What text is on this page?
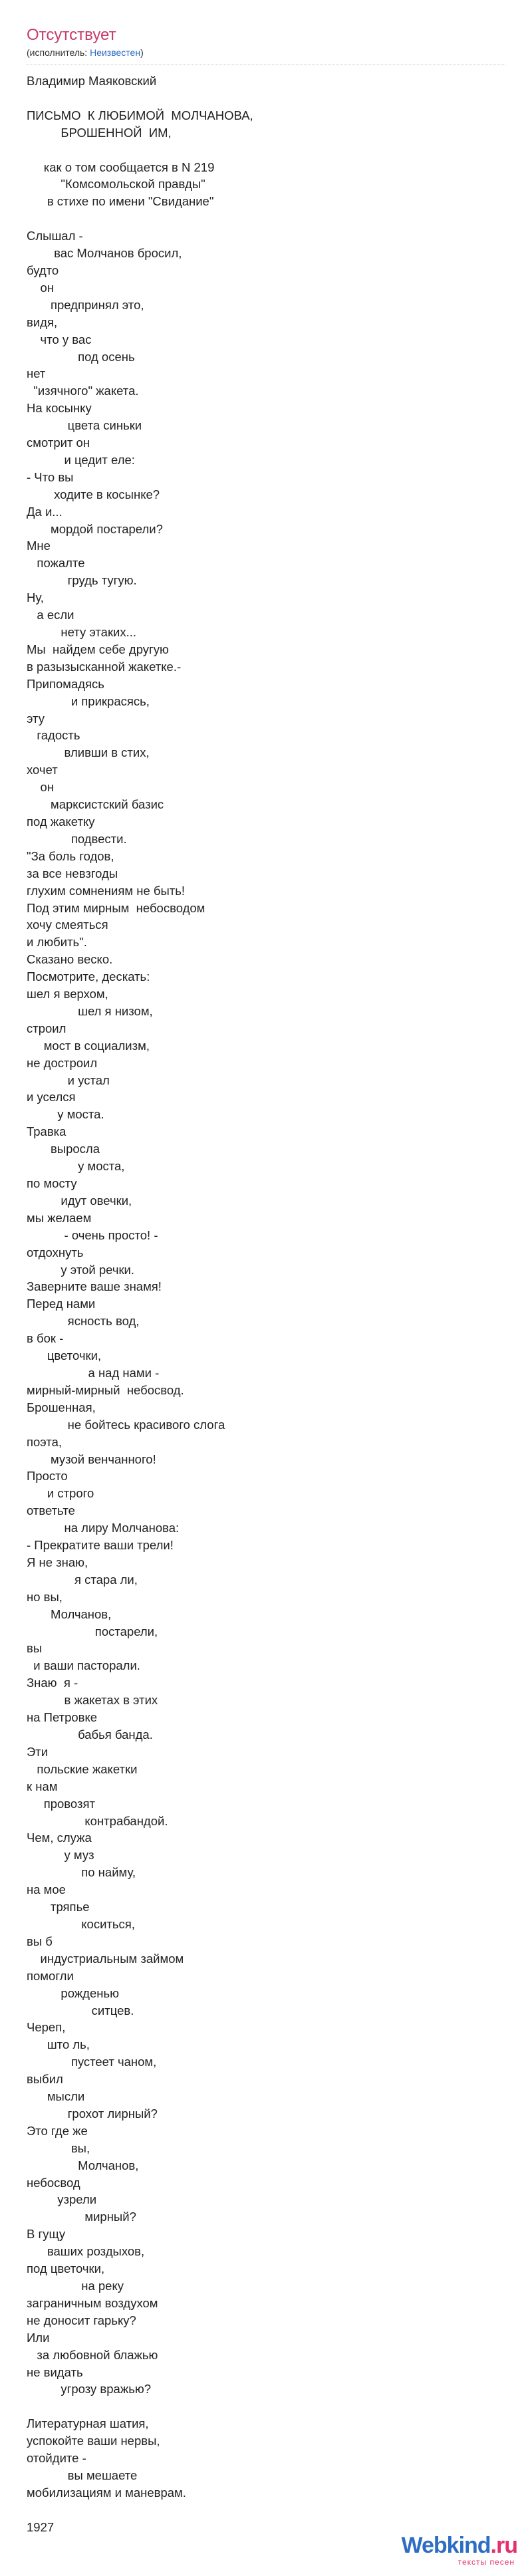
Отсутствует
(исполнитель: Неизвестен)
Владимир Маяковский

ПИСЬМО  К ЛЮБИМОЙ  МОЛЧАНОВА,
БРОШЕННОЙ  ИМ,

как о том сообщается в N 219
"Комсомольской правды"
в стихе по имени "Свидание"

Слышал -
вас Молчанов бросил,
будто
он
предпринял это,
видя,
что у вас
под осень
нет
"изячного" жакета.
На косынку
цвета синьки
смотрит он
и цедит еле:
- Что вы
ходите в косынке?
Да и...
мордой постарели?
Мне
пожалте
грудь тугую.
Ну,
а если
нету этаких...
Мы  найдем себе другую
в разызысканной жакетке.-
Припомадясь
и прикрасясь,
эту
гадость
вливши в стих,
хочет
он
марксистский базис
под жакетку
подвести.
"За боль годов,
за все невзгоды
глухим сомнениям не быть!
Под этим мирным  небосводом
хочу смеяться
и любить".
Сказано веско.
Посмотрите, дескать:
шел я верхом,
шел я низом,
строил
мост в социализм,
не достроил
и устал
и уселся
у моста.
Травка
выросла
у моста,
по мосту
идут овечки,
мы желаем
- очень просто! -
отдохнуть
у этой речки.
Заверните ваше знамя!
Перед нами
ясность вод,
в бок -
цветочки,
а над нами -
мирный-мирный  небосвод.
Брошенная,
не бойтесь красивого слога
поэта,
музой венчанного!
Просто
и строго
ответьте
на лиру Молчанова:
- Прекратите ваши трели!
Я не знаю,
я стара ли,
но вы,
Молчанов,
постарели,
вы
и ваши пасторали.
Знаю  я -
в жакетах в этих
на Петровке
бабья банда.
Эти
польские жакетки
к нам
провозят
контрабандой.
Чем, служа
у муз
по найму,
на мое
тряпье
коситься,
вы б
индустриальным займом
помогли
рожденью
ситцев.
Череп,
што ль,
пустеет чаном,
выбил
мысли
грохот лирный?
Это где же
вы,
Молчанов,
небосвод
узрели
мирный?
В гущу
ваших роздыхов,
под цветочки,
на реку
заграничным воздухом
не доносит гарьку?
Или
за любовной блажью
не видать
угрозу вражью?

Литературная шатия,
успокойте ваши нервы,
отойдите -
вы мешаете
мобилизациям и маневрам.

1927
Webkind.ru
тексты песен
